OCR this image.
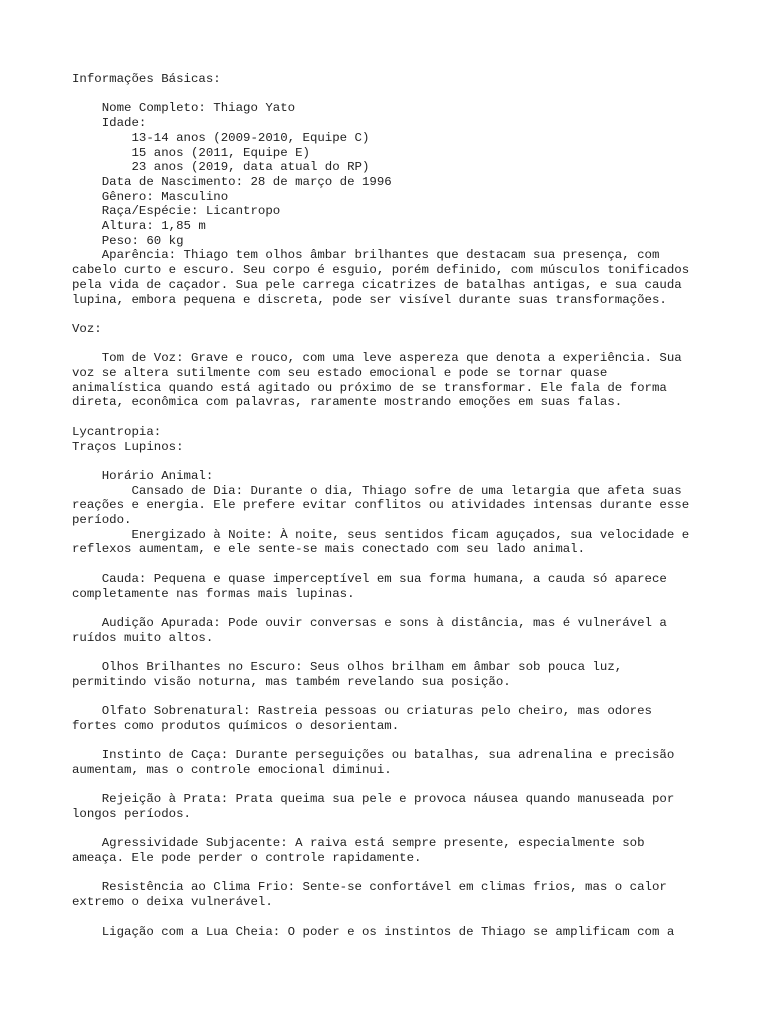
Informações Básicas:
Nome Completo: Thiago Yato
Idade:
13-14 anos (2009-2010, Equipe C)
15 anos (2011, Equipe E)
23 anos (2019, data atual do RP)
Data de Nascimento: 28 de março de 1996
Gênero: Masculino
Raça/Espécie: Licantropo
Altura: 1,85 m
Peso: 60 kg
Aparência: Thiago tem olhos âmbar brilhantes que destacam sua presença, com
cabelo curto e escuro. Seu corpo é esguio, porém definido, com músculos tonificados
pela vida de caçador. Sua pele carrega cicatrizes de batalhas antigas, e sua cauda
lupina, embora pequena e discreta, pode ser visível durante suas transformações.
Voz:
Tom de Voz: Grave e rouco, com uma leve aspereza que denota a experiência. Sua
voz se altera sutilmente com seu estado emocional e pode se tornar quase
animalística quando está agitado ou próximo de se transformar. Ele fala de forma
direta, econômica com palavras, raramente mostrando emoções em suas falas.
Lycantropia:
Traços Lupinos:
Horário Animal:
Cansado de Dia: Durante o dia, Thiago sofre de uma letargia que afeta suas
reações e energia. Ele prefere evitar conflitos ou atividades intensas durante esse
período.
Energizado à Noite: À noite, seus sentidos ficam aguçados, sua velocidade e
reflexos aumentam, e ele sente-se mais conectado com seu lado animal.
Cauda: Pequena e quase imperceptível em sua forma humana, a cauda só aparece
completamente nas formas mais lupinas.
Audição Apurada: Pode ouvir conversas e sons à distância, mas é vulnerável a
ruídos muito altos.
Olhos Brilhantes no Escuro: Seus olhos brilham em âmbar sob pouca luz,
permitindo visão noturna, mas também revelando sua posição.
Olfato Sobrenatural: Rastreia pessoas ou criaturas pelo cheiro, mas odores
fortes como produtos químicos o desorientam.
Instinto de Caça: Durante perseguições ou batalhas, sua adrenalina e precisão
aumentam, mas o controle emocional diminui.
Rejeição à Prata: Prata queima sua pele e provoca náusea quando manuseada por
longos períodos.
Agressividade Subjacente: A raiva está sempre presente, especialmente sob
ameaça. Ele pode perder o controle rapidamente.
Resistência ao Clima Frio: Sente-se confortável em climas frios, mas o calor
extremo o deixa vulnerável.
Ligação com a Lua Cheia: O poder e os instintos de Thiago se amplificam com a
